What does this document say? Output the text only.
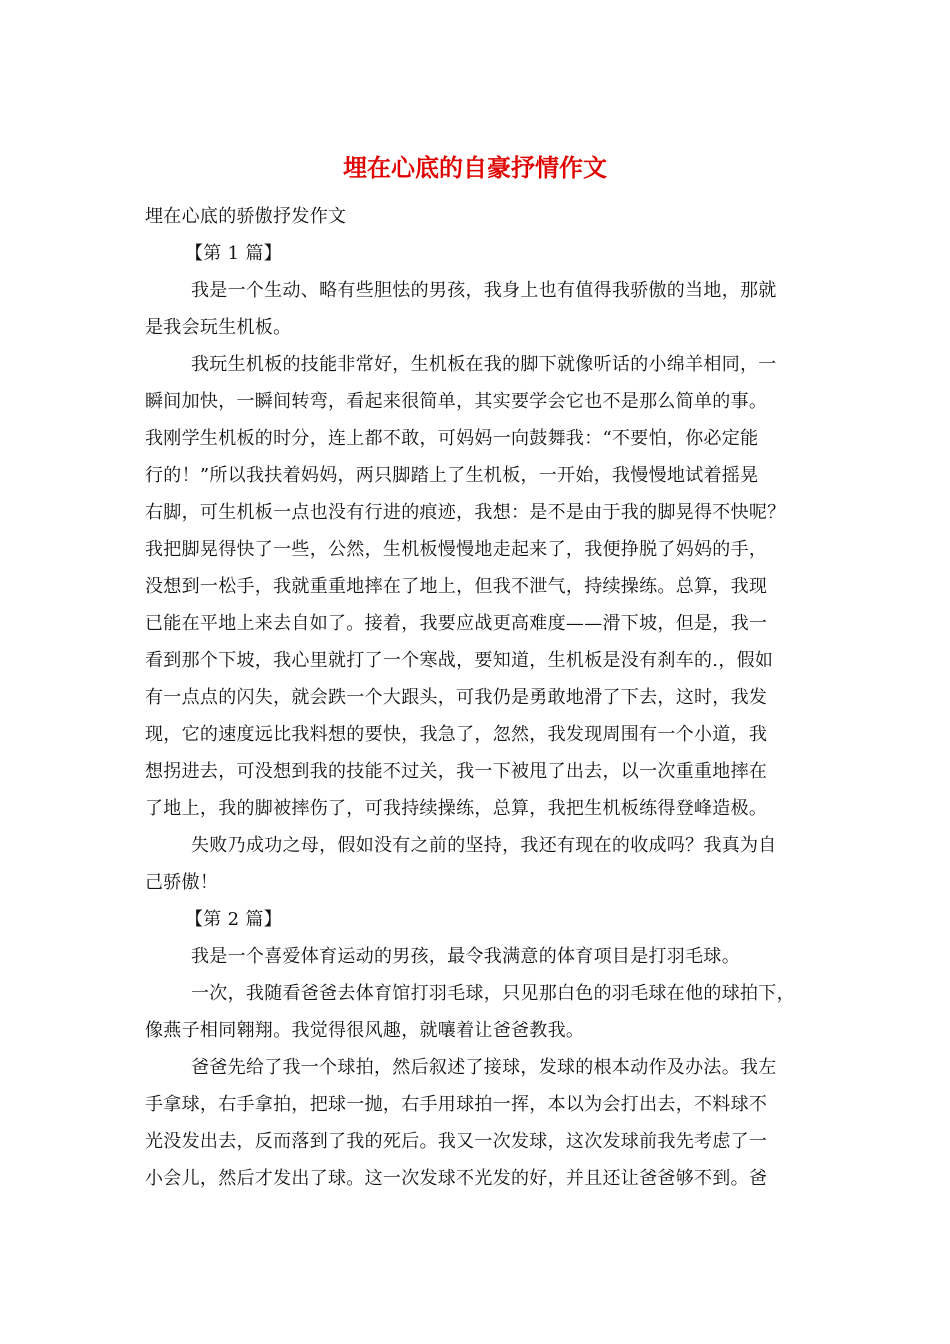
埋在心底的自豪抒情作文
埋在心底的骄傲抒发作文
【第 1 篇】
我是一个生动、略有些胆怯的男孩，我身上也有值得我骄傲的当地，那就
是我会玩生机板。
我玩生机板的技能非常好，生机板在我的脚下就像听话的小绵羊相同，一
瞬间加快，一瞬间转弯，看起来很简单，其实要学会它也不是那么简单的事。
我刚学生机板的时分，连上都不敢，可妈妈一向鼓舞我：“不要怕，你必定能
行的！”所以我扶着妈妈，两只脚踏上了生机板，一开始，我慢慢地试着摇晃
右脚，可生机板一点也没有行进的痕迹，我想：是不是由于我的脚晃得不快呢？
我把脚晃得快了一些，公然，生机板慢慢地走起来了，我便挣脱了妈妈的手，
没想到一松手，我就重重地摔在了地上，但我不泄气，持续操练。总算，我现
已能在平地上来去自如了。接着，我要应战更高难度——滑下坡，但是，我一
看到那个下坡，我心里就打了一个寒战，要知道，生机板是没有刹车的.，假如
有一点点的闪失，就会跌一个大跟头，可我仍是勇敢地滑了下去，这时，我发
现，它的速度远比我料想的要快，我急了，忽然，我发现周围有一个小道，我
想拐进去，可没想到我的技能不过关，我一下被甩了出去，以一次重重地摔在
了地上，我的脚被摔伤了，可我持续操练，总算，我把生机板练得登峰造极。
失败乃成功之母，假如没有之前的坚持，我还有现在的收成吗？我真为自
己骄傲！
【第 2 篇】
我是一个喜爱体育运动的男孩，最令我满意的体育项目是打羽毛球。
一次，我随看爸爸去体育馆打羽毛球，只见那白色的羽毛球在他的球拍下，
像燕子相同翱翔。我觉得很风趣，就嚷着让爸爸教我。
爸爸先给了我一个球拍，然后叙述了接球，发球的根本动作及办法。我左
手拿球，右手拿拍，把球一抛，右手用球拍一挥，本以为会打出去，不料球不
光没发出去，反而落到了我的死后。我又一次发球，这次发球前我先考虑了一
小会儿，然后才发出了球。这一次发球不光发的好，并且还让爸爸够不到。爸
